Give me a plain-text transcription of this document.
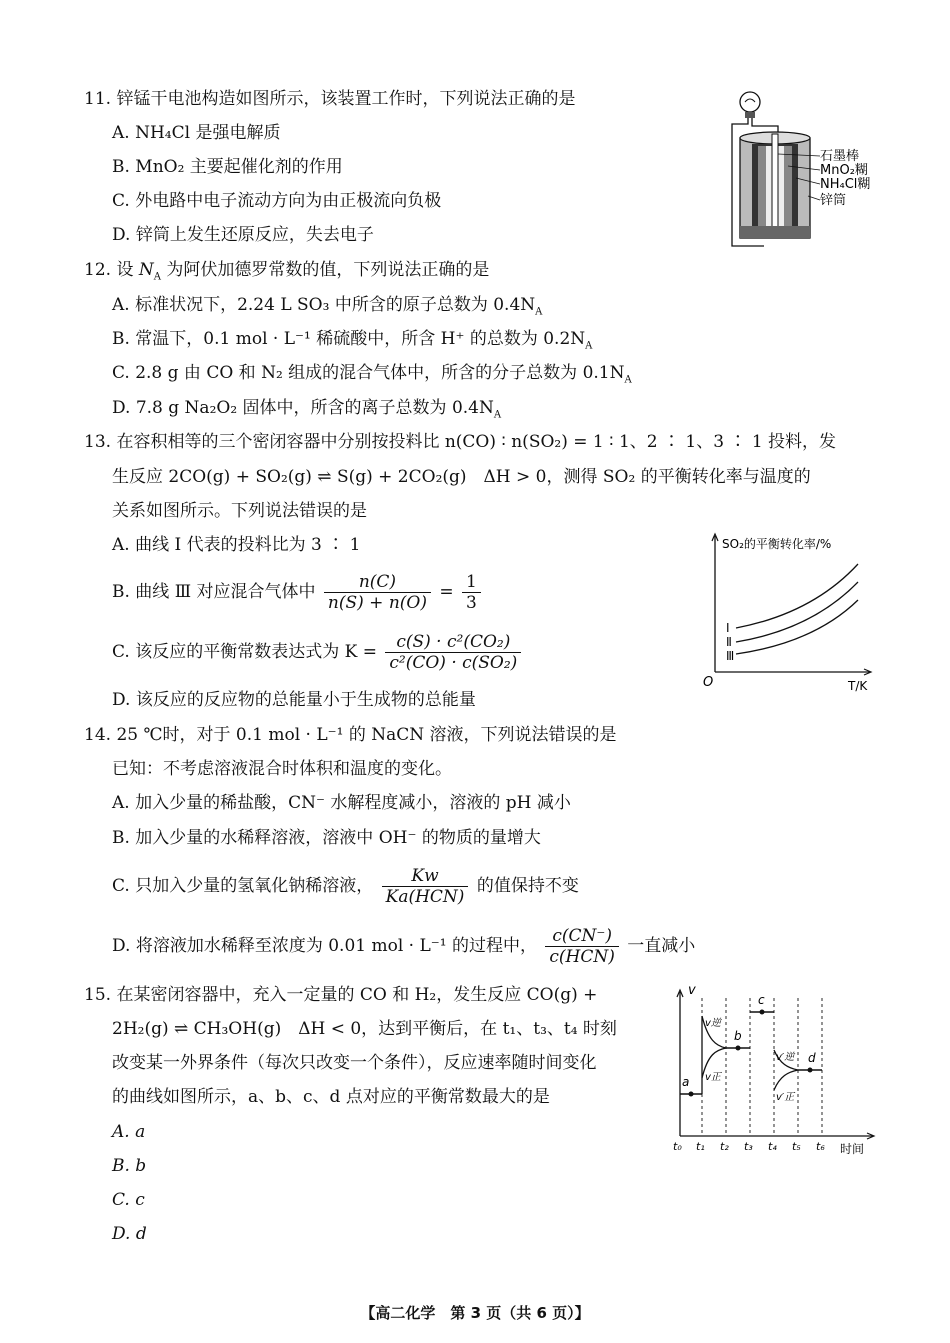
11. 锌锰干电池构造如图所示，该装置工作时，下列说法正确的是
A. NH₄Cl 是强电解质
B. MnO₂ 主要起催化剂的作用
C. 外电路中电子流动方向为由正极流向负极
D. 锌筒上发生还原反应，失去电子
石墨棒
MnO₂糊
NH₄Cl糊
锌筒
12. 设 $N_A$ 为阿伏加德罗常数的值，下列说法正确的是
A. 标准状况下，2.24 L SO₃ 中所含的原子总数为 $0.4N_A$
B. 常温下，0.1 mol · L⁻¹ 稀硫酸中，所含 H⁺ 的总数为 $0.2N_A$
C. 2.8 g 由 CO 和 N₂ 组成的混合气体中，所含的分子总数为 $0.1N_A$
D. 7.8 g Na₂O₂ 固体中，所含的离子总数为 $0.4N_A$
13. 在容积相等的三个密闭容器中分别按投料比 n(CO) ∶ n(SO₂) = 1 ∶ 1、2 ∶ 1、3 ∶ 1 投料，发
生反应 2CO(g) + SO₂(g) ⇌ S(g) + 2CO₂(g)　ΔH > 0，测得 SO₂ 的平衡转化率与温度的
关系如图所示。下列说法错误的是
A. 曲线 Ⅰ 代表的投料比为 3 ∶ 1
B. 曲线 Ⅲ 对应混合气体中 $\frac{n(C)}{n(S) + n(O)} = \frac{1}{3}$
C. 该反应的平衡常数表达式为 $K = \frac{\text{c(S) · c²(CO₂)}}{\text{c²(CO) · c(SO₂)}}$
D. 该反应的反应物的总能量小于生成物的总能量
SO₂的平衡转化率/%
O	T/K
Ⅰ
Ⅱ
Ⅲ
14. 25 ℃时，对于 0.1 mol · L⁻¹ 的 NaCN 溶液，下列说法错误的是
已知：不考虑溶液混合时体积和温度的变化。
A. 加入少量的稀盐酸，CN⁻ 水解程度减小，溶液的 pH 减小
B. 加入少量的水稀释溶液，溶液中 OH⁻ 的物质的量增大
C. 只加入少量的氢氧化钠稀溶液， $\frac{Kw}{\text{Ka(HCN)}}$ 的值保持不变
D. 将溶液加水稀释至浓度为 0.01 mol · L⁻¹ 的过程中， $\frac{c(CN^-)}{\text{c(HCN)}}$ 一直减小
15. 在某密闭容器中，充入一定量的 CO 和 H₂，发生反应 CO(g) +
2H₂(g) ⇌ CH₃OH(g)　ΔH < 0，达到平衡后，在 t₁、t₃、t₄ 时刻
改变某一外界条件（每次只改变一个条件），反应速率随时间变化
的曲线如图所示，a、b、c、d 点对应的平衡常数最大的是
A. a
B. b
C. c
D. d
v
时间
t₀ t₁ t₂ t₃ t₄ t₅ t₆
a
v逆
v正
b
c
d
v′逆
v′正
【高二化学　第 3 页（共 6 页）】
